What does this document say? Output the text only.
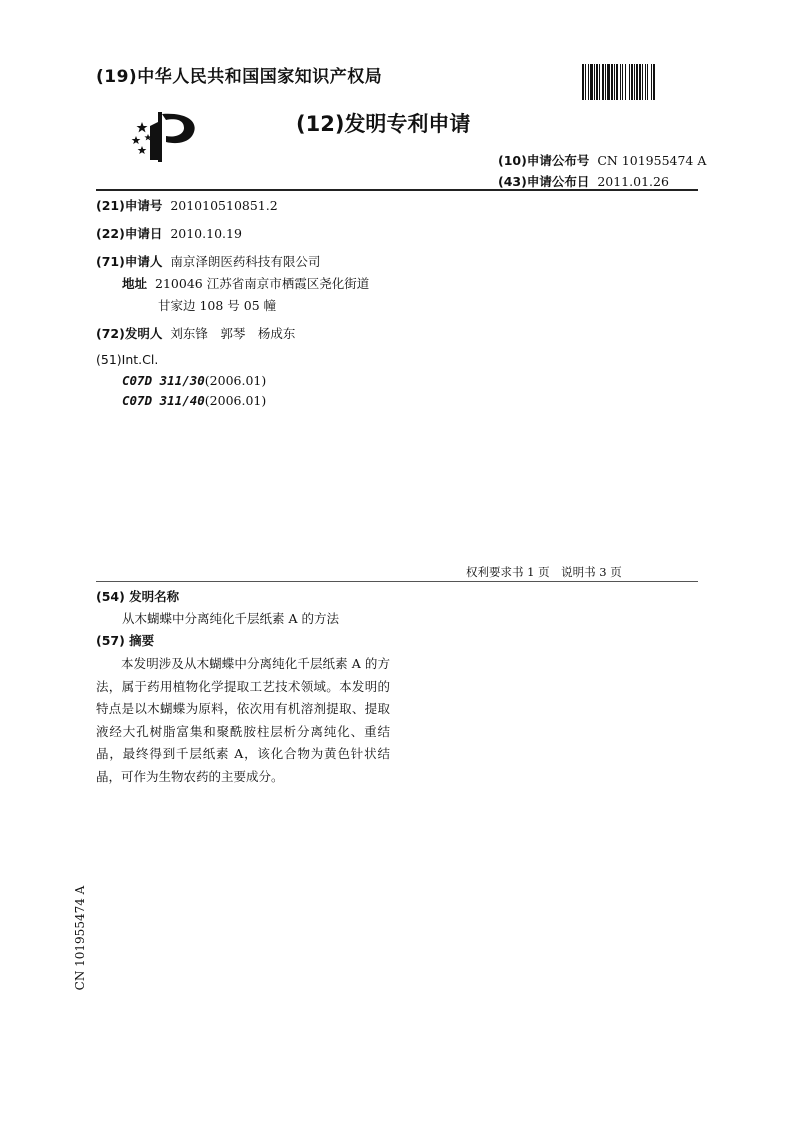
(19)中华人民共和国国家知识产权局
(12)发明专利申请
(10)申请公布号 CN 101955474 A
(43)申请公布日 2011.01.26
(21)申请号 201010510851.2
(22)申请日 2010.10.19
(71)申请人 南京泽朗医药科技有限公司
地址 210046 江苏省南京市栖霞区尧化街道
甘家边 108 号 05 幢
(72)发明人 刘东锋　郭琴　杨成东
(51)Int.Cl.
C07D 311/30(2006.01)
C07D 311/40(2006.01)
权利要求书 1 页　说明书 3 页
(54) 发明名称
从木蝴蝶中分离纯化千层纸素 A 的方法
(57) 摘要

本发明涉及从木蝴蝶中分离纯化千层纸素 A 的方法，属于药用植物化学提取工艺技术领域。本发明的特点是以木蝴蝶为原料，依次用有机溶剂提取、提取液经大孔树脂富集和聚酰胺柱层析分离纯化、重结晶，最终得到千层纸素 A，该化合物为黄色针状结晶，可作为生物农药的主要成分。

CN 101955474 A
